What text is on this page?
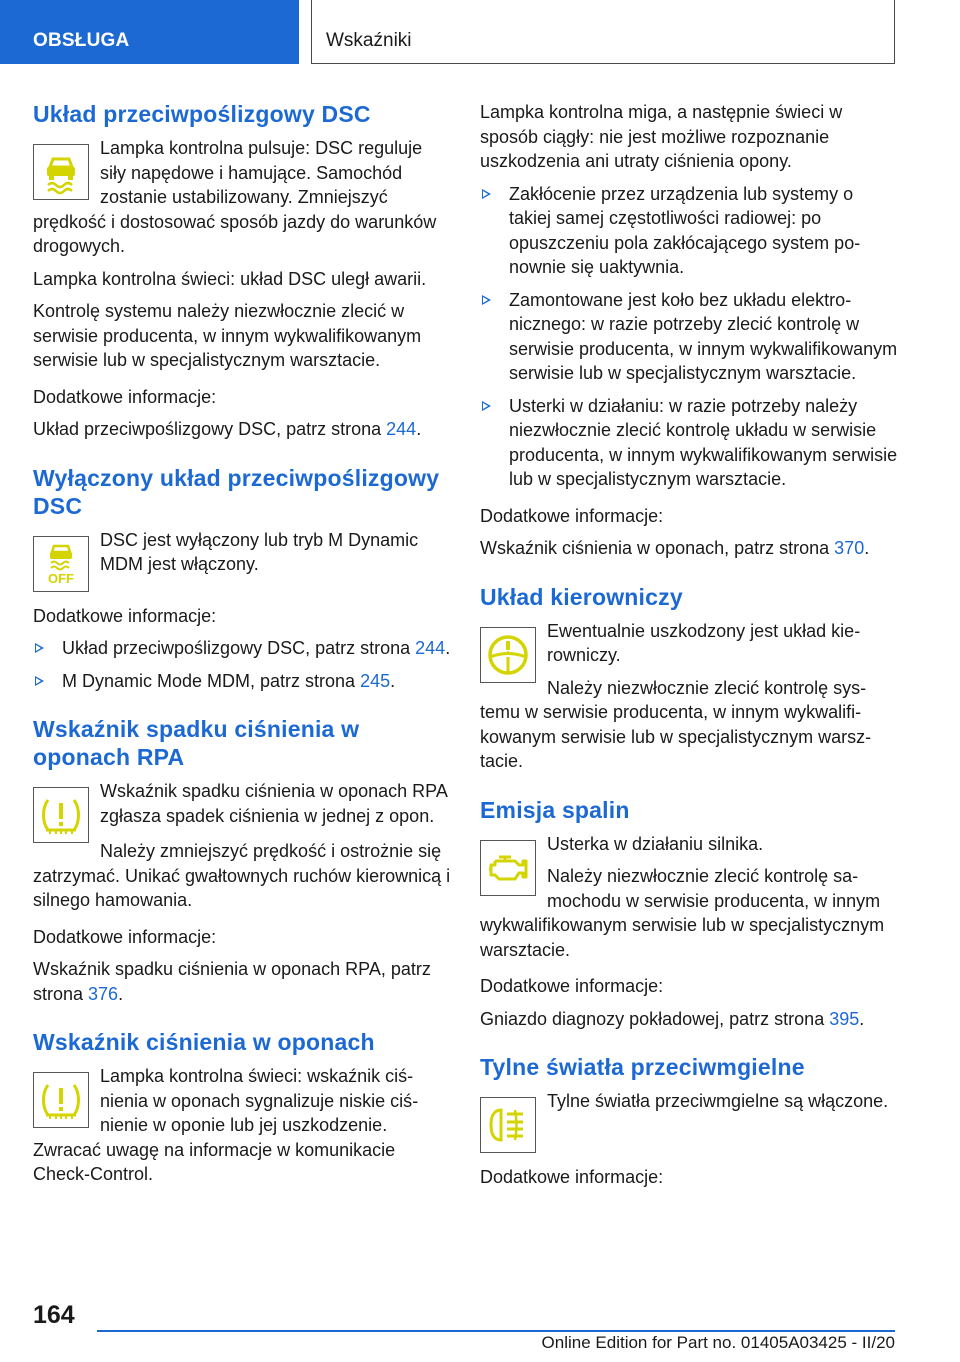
OBSŁUGA	Wskaźniki
Układ przeciwpoślizgowy DSC

Lampka kontrolna pulsuje: DSC reguluje siły napędowe i hamujące. Samochód zostanie ustabilizowany. Zmniejszyć prędkość i dostosować sposób jazdy do warunków drogowych.

Lampka kontrolna świeci: układ DSC uległ awarii.

Kontrolę systemu należy niezwłocznie zlecić w serwisie producenta, w innym wykwalifikowanym serwisie lub w specjalistycznym warsztacie.

Dodatkowe informacje:

Układ przeciwpoślizgowy DSC, patrz strona 244.

Wyłączony układ przeciwpoślizgowy DSC
OFF

DSC jest wyłączony lub tryb M Dynamic MDM jest włączony.

Dodatkowe informacje:

Układ przeciwpoślizgowy DSC, patrz strona 244.
M Dynamic Mode MDM, patrz strona 245.
Wskaźnik spadku ciśnienia w oponach RPA

Wskaźnik spadku ciśnienia w oponach RPA zgłasza spadek ciśnienia w jednej z opon.

Należy zmniejszyć prędkość i ostrożnie się zatrzymać. Unikać gwałtownych ruchów kierownicą i silnego hamowania.

Dodatkowe informacje:

Wskaźnik spadku ciśnienia w oponach RPA, patrz strona 376.

Wskaźnik ciśnienia w oponach

Lampka kontrolna świeci: wskaźnik ciśnienia w oponach sygnalizuje niskie ciśnienie w oponie lub jej uszkodzenie. Zwracać uwagę na informacje w komunikacie Check-Control.

Lampka kontrolna miga, a następnie świeci w sposób ciągły: nie jest możliwe rozpoznanie uszkodzenia ani utraty ciśnienia opony.

Zakłócenie przez urządzenia lub systemy o takiej samej częstotliwości radiowej: po opuszczeniu pola zakłócającego system ponownie się uaktywnia.
Zamontowane jest koło bez układu elektronicznego: w razie potrzeby zlecić kontrolę w serwisie producenta, w innym wykwalifikowanym serwisie lub w specjalistycznym warsztacie.
Usterki w działaniu: w razie potrzeby należy niezwłocznie zlecić kontrolę układu w serwisie producenta, w innym wykwalifikowanym serwisie lub w specjalistycznym warsztacie.

Dodatkowe informacje:

Wskaźnik ciśnienia w oponach, patrz strona 370.

Układ kierowniczy

Ewentualnie uszkodzony jest układ kierowniczy.

Należy niezwłocznie zlecić kontrolę systemu w serwisie producenta, w innym wykwalifikowanym serwisie lub w specjalistycznym warsztacie.

Emisja spalin

Usterka w działaniu silnika.

Należy niezwłocznie zlecić kontrolę samochodu w serwisie producenta, w innym wykwalifikowanym serwisie lub w specjalistycznym warsztacie.

Dodatkowe informacje:

Gniazdo diagnozy pokładowej, patrz strona 395.

Tylne światła przeciwmgielne

Tylne światła przeciwmgielne są włączone.

Dodatkowe informacje:

164
Online Edition for Part no. 01405A03425 - II/20
